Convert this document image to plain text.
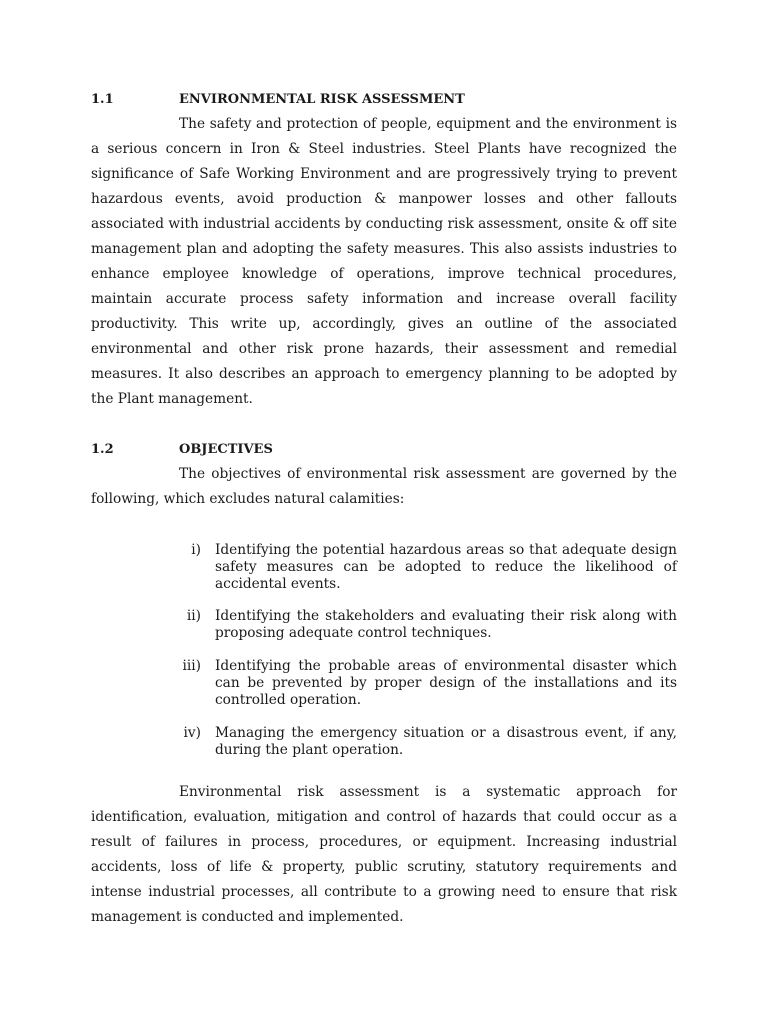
1.1	ENVIRONMENTAL RISK ASSESSMENT

The safety and protection of people, equipment and the environment is a serious concern in Iron & Steel industries. Steel Plants have recognized the significance of Safe Working Environment and are progressively trying to prevent hazardous events, avoid production & manpower losses and other fallouts associated with industrial accidents by conducting risk assessment, onsite & off site management plan and adopting the safety measures. This also assists industries to enhance employee knowledge of operations, improve technical procedures, maintain accurate process safety information and increase overall facility productivity. This write up, accordingly, gives an outline of the associated environmental and other risk prone hazards, their assessment and remedial measures. It also describes an approach to emergency planning to be adopted by the Plant management.

1.2	OBJECTIVES

The objectives of environmental risk assessment are governed by the following, which excludes natural calamities:

i)	Identifying the potential hazardous areas so that adequate design safety measures can be adopted to reduce the likelihood of accidental events.
ii)	Identifying the stakeholders and evaluating their risk along with proposing adequate control techniques.
iii)	Identifying the probable areas of environmental disaster which can be prevented by proper design of the installations and its controlled operation.
iv)	Managing the emergency situation or a disastrous event, if any, during the plant operation.

Environmental risk assessment is a systematic approach for identification, evaluation, mitigation and control of hazards that could occur as a result of failures in process, procedures, or equipment. Increasing industrial accidents, loss of life & property, public scrutiny, statutory requirements and intense industrial processes, all contribute to a growing need to ensure that risk management is conducted and implemented.
